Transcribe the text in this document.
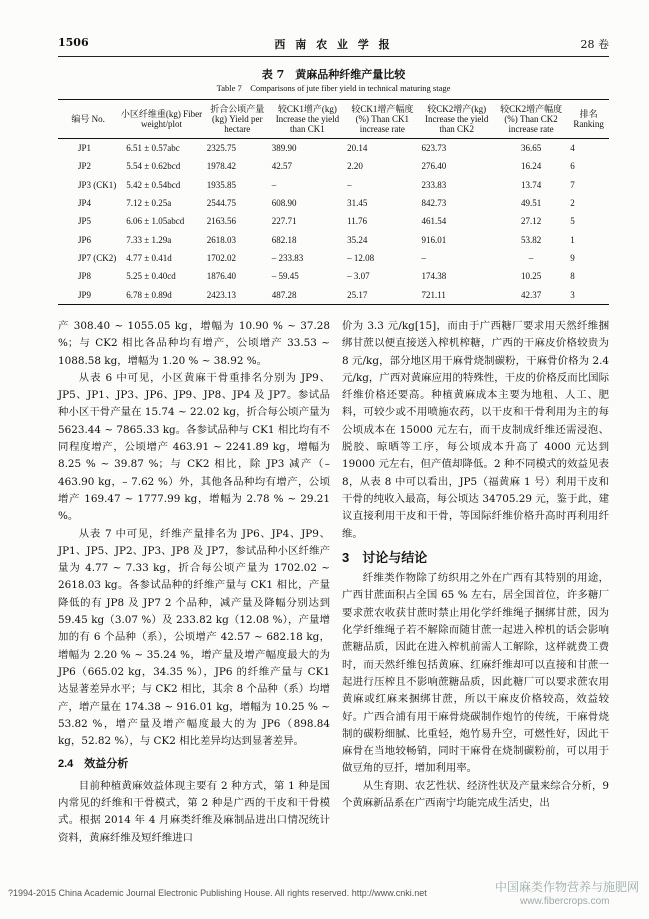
1506	西 南 农 业 学 报	28 卷
表 7　黄麻品种纤维产量比较
Table 7　Comparisons of jute fiber yield in technical maturing stage
编号 No.	小区纤维重(kg) Fiber weight/plot	折合公顷产量(kg) Yield per hectare	较CK1增产(kg) Increase the yield than CK1	较CK1增产幅度(%) Than CK1 increase rate	较CK2增产(kg) Increase the yield than CK2	较CK2增产幅度(%) Than CK2 increase rate	排名 Ranking
JP1	6.51 ± 0.57abc	2325.75	389.90	20.14	623.73	36.65	4
JP2	5.54 ± 0.62bcd	1978.42	42.57	2.20	276.40	16.24	6
JP3 (CK1)	5.42 ± 0.54bcd	1935.85	–	–	233.83	13.74	7
JP4	7.12 ± 0.25a	2544.75	608.90	31.45	842.73	49.51	2
JP5	6.06 ± 1.05abcd	2163.56	227.71	11.76	461.54	27.12	5
JP6	7.33 ± 1.29a	2618.03	682.18	35.24	916.01	53.82	1
JP7 (CK2)	4.77 ± 0.41d	1702.02	– 233.83	– 12.08	–	–	9
JP8	5.25 ± 0.40cd	1876.40	– 59.45	– 3.07	174.38	10.25	8
JP9	6.78 ± 0.89d	2423.13	487.28	25.17	721.11	42.37	3

产 308.40 ~ 1055.05 kg，增幅为 10.90 % ~ 37.28 %；与 CK2 相比各品种均有增产，公顷增产 33.53 ~ 1088.58 kg，增幅为 1.20 % ~ 38.92 %。

从表 6 中可见，小区黄麻干骨重排名分别为 JP9、JP5、JP1、JP3、JP6、JP9、JP8、JP4 及 JP7。参试品种小区干骨产量在 15.74 ~ 22.02 kg，折合每公顷产量为 5623.44 ~ 7865.33 kg。各参试品种与 CK1 相比均有不同程度增产，公顷增产 463.91 ~ 2241.89 kg，增幅为 8.25 % ~ 39.87 %；与 CK2 相比，除 JP3 减产（– 463.90 kg，– 7.62 %）外，其他各品种均有增产，公顷增产 169.47 ~ 1777.99 kg，增幅为 2.78 % ~ 29.21 %。

从表 7 中可见，纤维产量排名为 JP6、JP4、JP9、JP1、JP5、JP2、JP3、JP8 及 JP7，参试品种小区纤维产量为 4.77 ~ 7.33 kg，折合每公顷产量为 1702.02 ~ 2618.03 kg。各参试品种的纤维产量与 CK1 相比，产量降低的有 JP8 及 JP7 2 个品种，减产量及降幅分别达到 59.45 kg（3.07 %）及 233.82 kg（12.08 %），产量增加的有 6 个品种（系），公顷增产 42.57 ~ 682.18 kg，增幅为 2.20 % ~ 35.24 %，增产量及增产幅度最大的为 JP6（665.02 kg，34.35 %），JP6 的纤维产量与 CK1 达显著差异水平；与 CK2 相比，其余 8 个品种（系）均增产，增产量在 174.38 ~ 916.01 kg，增幅为 10.25 % ~ 53.82 %，增产量及增产幅度最大的为 JP6（898.84 kg，52.82 %），与 CK2 相比差异均达到显著差异。

2.4　效益分析

目前种植黄麻效益体现主要有 2 种方式，第 1 种是国内常见的纤维和干骨模式，第 2 种是广西的干皮和干骨模式。根据 2014 年 4 月麻类纤维及麻制品进出口情况统计资料，黄麻纤维及短纤维进口

价为 3.3 元/kg[15]，而由于广西糖厂要求用天然纤维捆绑甘蔗以便直接送入榨机榨糖，广西的干麻皮价格较贵为 8 元/kg，部分地区用干麻骨烧制碳粉，干麻骨价格为 2.4 元/kg，广西对黄麻应用的特殊性，干皮的价格反而比国际纤维价格还要高。种植黄麻成本主要为地租、人工、肥料，可较少或不用喷施农药，以干皮和干骨利用为主的每公顷成本在 15000 元左右，而干皮制成纤维还需浸泡、脱胶、晾晒等工序，每公顷成本升高了 4000 元达到 19000 元左右，但产值却降低。2 种不同模式的效益见表 8，从表 8 中可以看出，JP5（福黄麻 1 号）利用干皮和干骨的纯收入最高，每公顷达 34705.29 元，鉴于此，建议直接利用干皮和干骨，等国际纤维价格升高时再利用纤维。

3　讨论与结论

纤维类作物除了纺织用之外在广西有其特别的用途，广西甘蔗面积占全国 65 % 左右，居全国首位，许多糖厂要求蔗农收获甘蔗时禁止用化学纤维绳子捆绑甘蔗，因为化学纤维绳子若不解除而随甘蔗一起进入榨机的话会影响蔗糖品质，因此在进入榨机前需人工解除，这样就费工费时，而天然纤维包括黄麻、红麻纤维却可以直接和甘蔗一起进行压榨且不影响蔗糖品质，因此糖厂可以要求蔗农用黄麻或红麻来捆绑甘蔗，所以干麻皮价格较高，效益较好。广西合浦有用干麻骨烧碳制作炮竹的传统，干麻骨烧制的碳粉细腻、比重轻，炮竹易升空，可燃性好，因此干麻骨在当地较畅销，同时干麻骨在烧制碳粉前，可以用于做豆角的豆扦，增加利用率。

从生育期、农艺性状、经济性状及产量来综合分析，9 个黄麻新品系在广西南宁均能完成生活史，出

?1994-2015 China Academic Journal Electronic Publishing House. All rights reserved. http://www.cnki.net	中国麻类作物营养与施肥网
www.fibercrops.com
